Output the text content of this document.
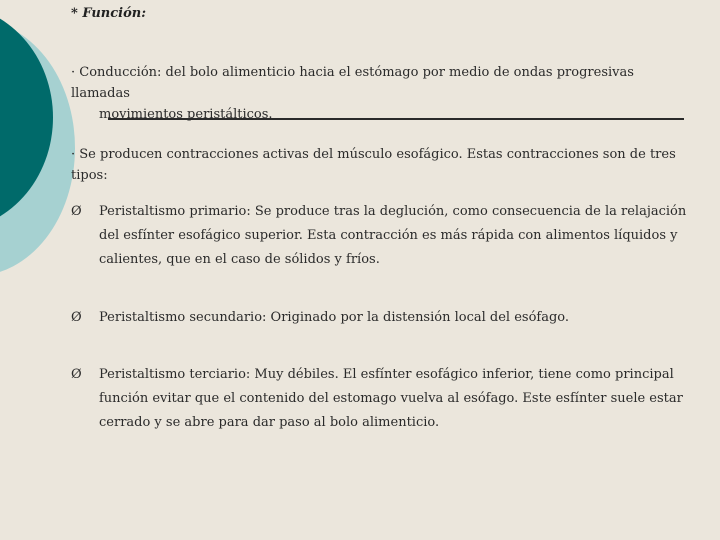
* Función:
· Conducción: del bolo alimenticio hacia el estómago por medio de ondas progresivas llamadas
movimientos peristálticos.
· Se producen contracciones activas del músculo esofágico. Estas contracciones son de tres tipos:
Ø Peristaltismo primario: Se produce tras la deglución, como consecuencia de la relajación del esfínter esofágico superior. Esta contracción es más rápida con alimentos líquidos y calientes, que en el caso de sólidos y fríos.
Ø Peristaltismo secundario: Originado por la distensión local del esófago.
Ø Peristaltismo terciario: Muy débiles. El esfínter esofágico inferior, tiene como principal función evitar que el contenido del estomago vuelva al esófago. Este esfínter suele estar cerrado y se abre para dar paso al bolo alimenticio.
